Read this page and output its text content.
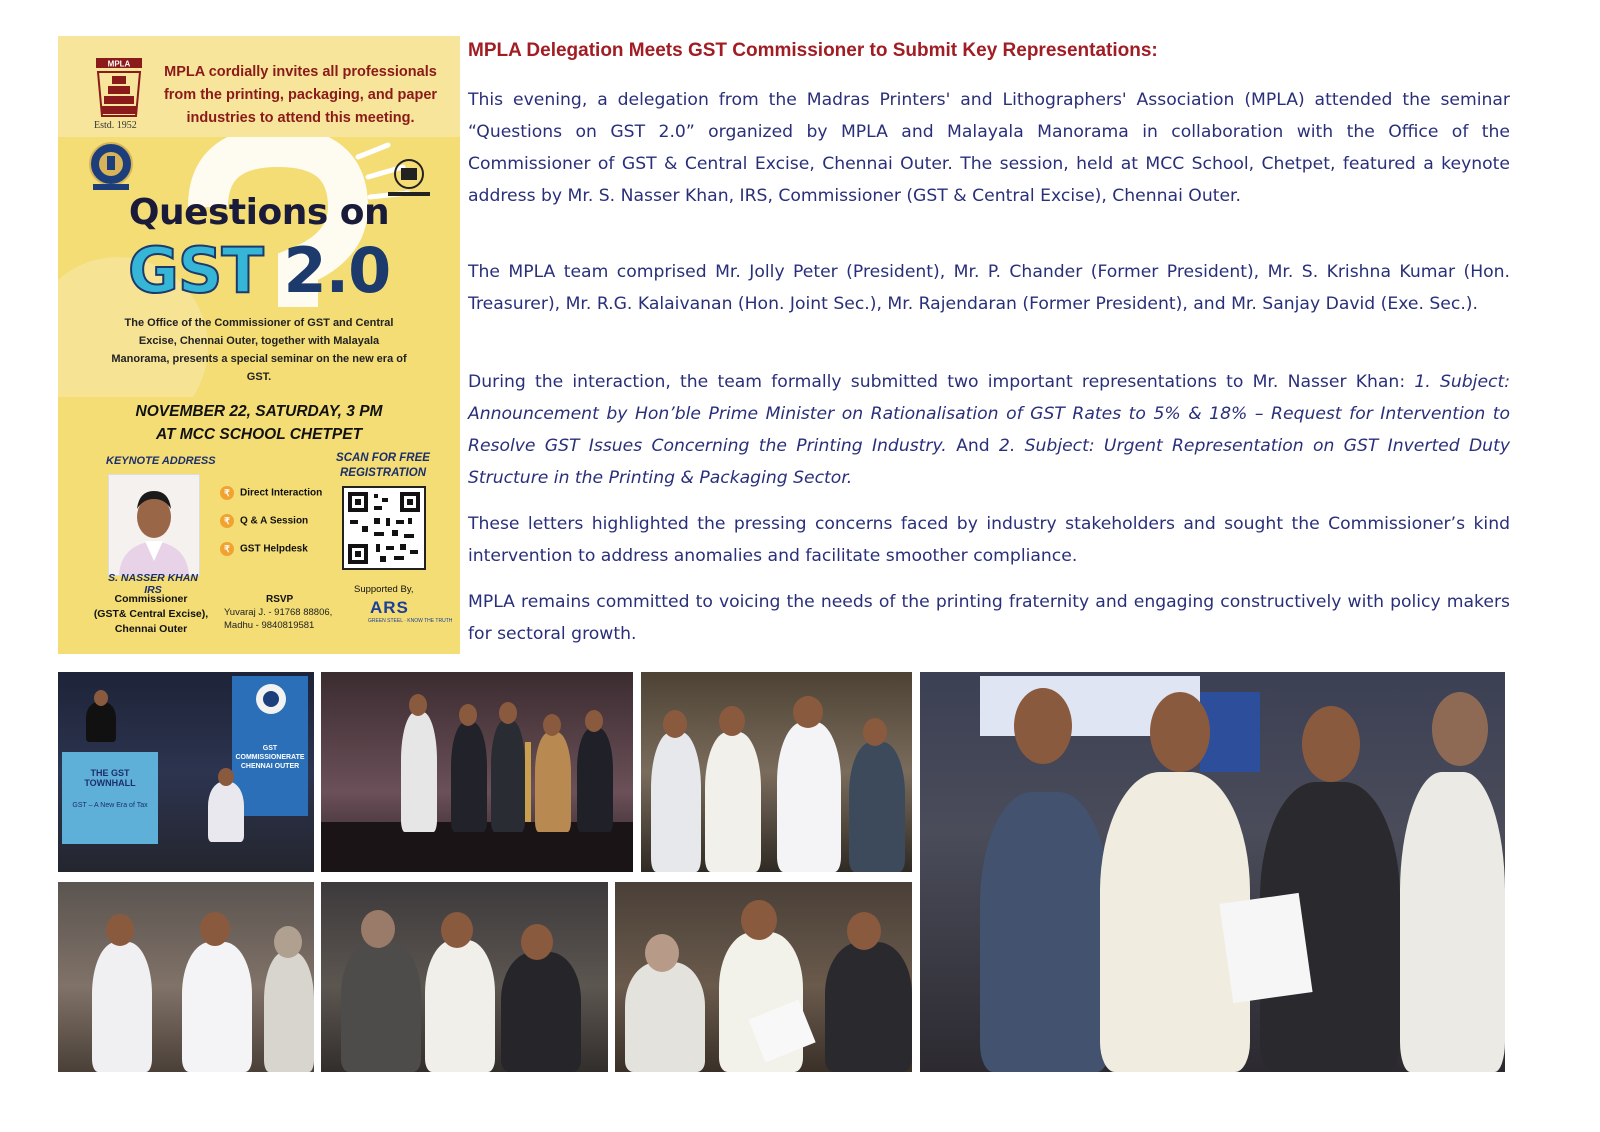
MPLA
Estd. 1952
MPLA cordially invites all professionals from the printing, packaging, and paper industries to attend this meeting.
Questions on
GST 2.0
The Office of the Commissioner of GST and Central Excise, Chennai Outer, together with Malayala Manorama, presents a special seminar on the new era of GST.
NOVEMBER 22, SATURDAY, 3 PM
AT MCC SCHOOL CHETPET
KEYNOTE ADDRESS
S. NASSER KHAN IRS
Commissioner
(GST& Central Excise),
Chennai Outer
₹ Direct Interaction
₹ Q & A Session
₹ GST Helpdesk
SCAN FOR FREE
REGISTRATION
RSVP
Yuvaraj J. - 91768 88806,
Madhu - 9840819581
Supported By,
ARS
GREEN STEEL · KNOW THE TRUTH
MPLA Delegation Meets GST Commissioner to Submit Key Representations:
This evening, a delegation from the Madras Printers' and Lithographers' Association (MPLA) attended the seminar “Questions on GST 2.0” organized by MPLA and Malayala Manorama in collaboration with the Office of the Commissioner of GST & Central Excise, Chennai Outer. The session, held at MCC School, Chetpet, featured a keynote address by Mr. S. Nasser Khan, IRS, Commissioner (GST & Central Excise), Chennai Outer.
The MPLA team comprised Mr. Jolly Peter (President), Mr. P. Chander (Former President), Mr. S. Krishna Kumar (Hon. Treasurer), Mr. R.G. Kalaivanan (Hon. Joint Sec.), Mr. Rajendaran (Former President), and Mr. Sanjay David (Exe. Sec.).
During the interaction, the team formally submitted two important representations to Mr. Nasser Khan: 1. Subject: Announcement by Hon’ble Prime Minister on Rationalisation of GST Rates to 5% & 18% – Request for Intervention to Resolve GST Issues Concerning the Printing Industry. And 2. Subject: Urgent Representation on GST Inverted Duty Structure in the Printing & Packaging Sector.
These letters highlighted the pressing concerns faced by industry stakeholders and sought the Commissioner’s kind intervention to address anomalies and facilitate smoother compliance.
MPLA remains committed to voicing the needs of the printing fraternity and engaging constructively with policy makers for sectoral growth.
GST COMMISSIONERATE CHENNAI OUTER
THE GST TOWNHALL
GST – A New Era of Tax
